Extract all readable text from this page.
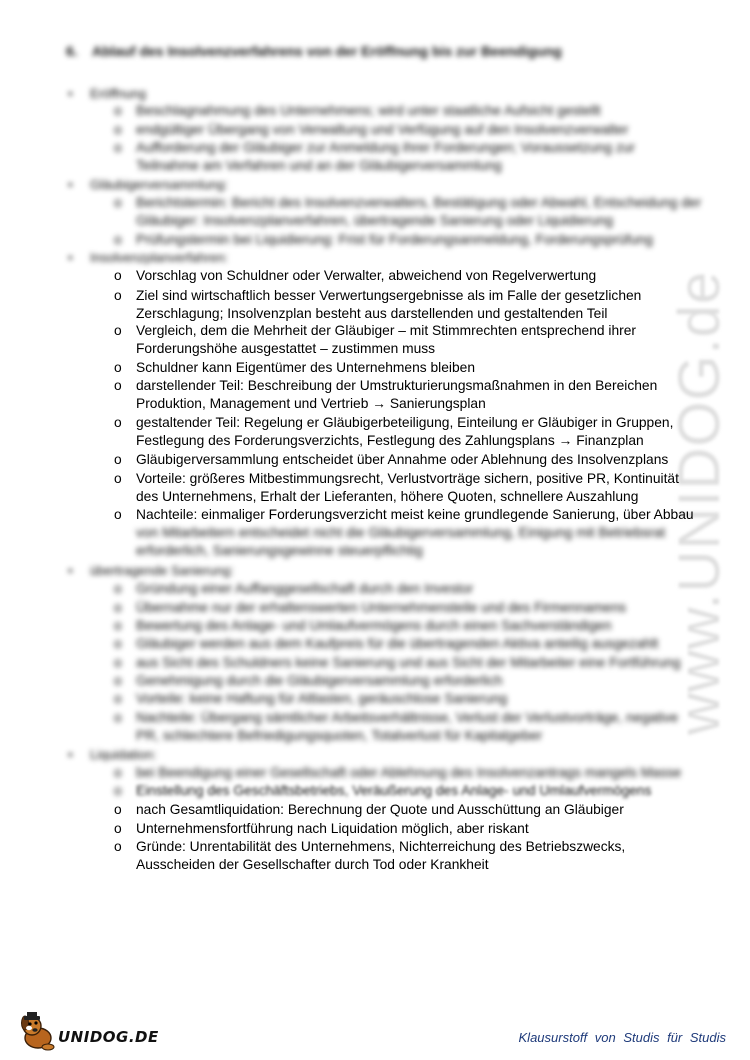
www.UNIDOG.de
6. Ablauf des Insolvenzverfahrens von der Eröffnung bis zur Beendigung
•	Eröffnung
o	Beschlagnahmung des Unternehmens; wird unter staatliche Aufsicht gestellt
o	endgültiger Übergang von Verwaltung und Verfügung auf den Insolvenzverwalter
o	Aufforderung der Gläubiger zur Anmeldung ihrer Forderungen; Voraussetzung zur
Teilnahme am Verfahren und an der Gläubigerversammlung
•	Gläubigerversammlung:
o	Berichtstermin: Bericht des Insolvenzverwalters, Bestätigung oder Abwahl, Entscheidung der
Gläubiger: Insolvenzplanverfahren, übertragende Sanierung oder Liquidierung
o	Prüfungstermin bei Liquidierung: Frist für Forderungsanmeldung, Forderungsprüfung
•	Insolvenzplanverfahren:
o	Vorschlag von Schuldner oder Verwalter, abweichend von Regelverwertung
o	Ziel sind wirtschaftlich besser Verwertungsergebnisse als im Falle der gesetzlichen
Zerschlagung; Insolvenzplan besteht aus darstellenden und gestaltenden Teil
o	Vergleich, dem die Mehrheit der Gläubiger – mit Stimmrechten entsprechend ihrer
Forderungshöhe ausgestattet – zustimmen muss
o	Schuldner kann Eigentümer des Unternehmens bleiben
o	darstellender Teil: Beschreibung der Umstrukturierungsmaßnahmen in den Bereichen
Produktion, Management und Vertrieb → Sanierungsplan
o	gestaltender Teil: Regelung er Gläubigerbeteiligung, Einteilung er Gläubiger in Gruppen,
Festlegung des Forderungsverzichts, Festlegung des Zahlungsplans → Finanzplan
o	Gläubigerversammlung entscheidet über Annahme oder Ablehnung des Insolvenzplans
o	Vorteile: größeres Mitbestimmungsrecht, Verlustvorträge sichern, positive PR, Kontinuität
des Unternehmens, Erhalt der Lieferanten, höhere Quoten, schnellere Auszahlung
o	Nachteile: einmaliger Forderungsverzicht meist keine grundlegende Sanierung, über Abbau
von Mitarbeitern entscheidet nicht die Gläubigerversammlung, Einigung mit Betriebsrat
erforderlich, Sanierungsgewinne steuerpflichtig
•	übertragende Sanierung:
o	Gründung einer Auffanggesellschaft durch den Investor
o	Übernahme nur der erhaltenswerten Unternehmensteile und des Firmennamens
o	Bewertung des Anlage- und Umlaufvermögens durch einen Sachverständigen
o	Gläubiger werden aus dem Kaufpreis für die übertragenden Aktiva anteilig ausgezahlt
o	aus Sicht des Schuldners keine Sanierung und aus Sicht der Mitarbeiter eine Fortführung
o	Genehmigung durch die Gläubigerversammlung erforderlich
o	Vorteile: keine Haftung für Altlasten, geräuschlose Sanierung
o	Nachteile: Übergang sämtlicher Arbeitsverhältnisse, Verlust der Verlustvorträge, negative
PR, schlechtere Befriedigungsquoten, Totalverlust für Kapitalgeber
•	Liquidation:
o	bei Beendigung einer Gesellschaft oder Ablehnung des Insolvenzantrags mangels Masse
o	Einstellung des Geschäftsbetriebs, Veräußerung des Anlage- und Umlaufvermögens
o	nach Gesamtliquidation: Berechnung der Quote und Ausschüttung an Gläubiger
o	Unternehmensfortführung nach Liquidation möglich, aber riskant
o	Gründe: Unrentabilität des Unternehmens, Nichterreichung des Betriebszwecks,
Ausscheiden der Gesellschafter durch Tod oder Krankheit
UNIDOG.DE	Klausurstoff von Studis für Studis
